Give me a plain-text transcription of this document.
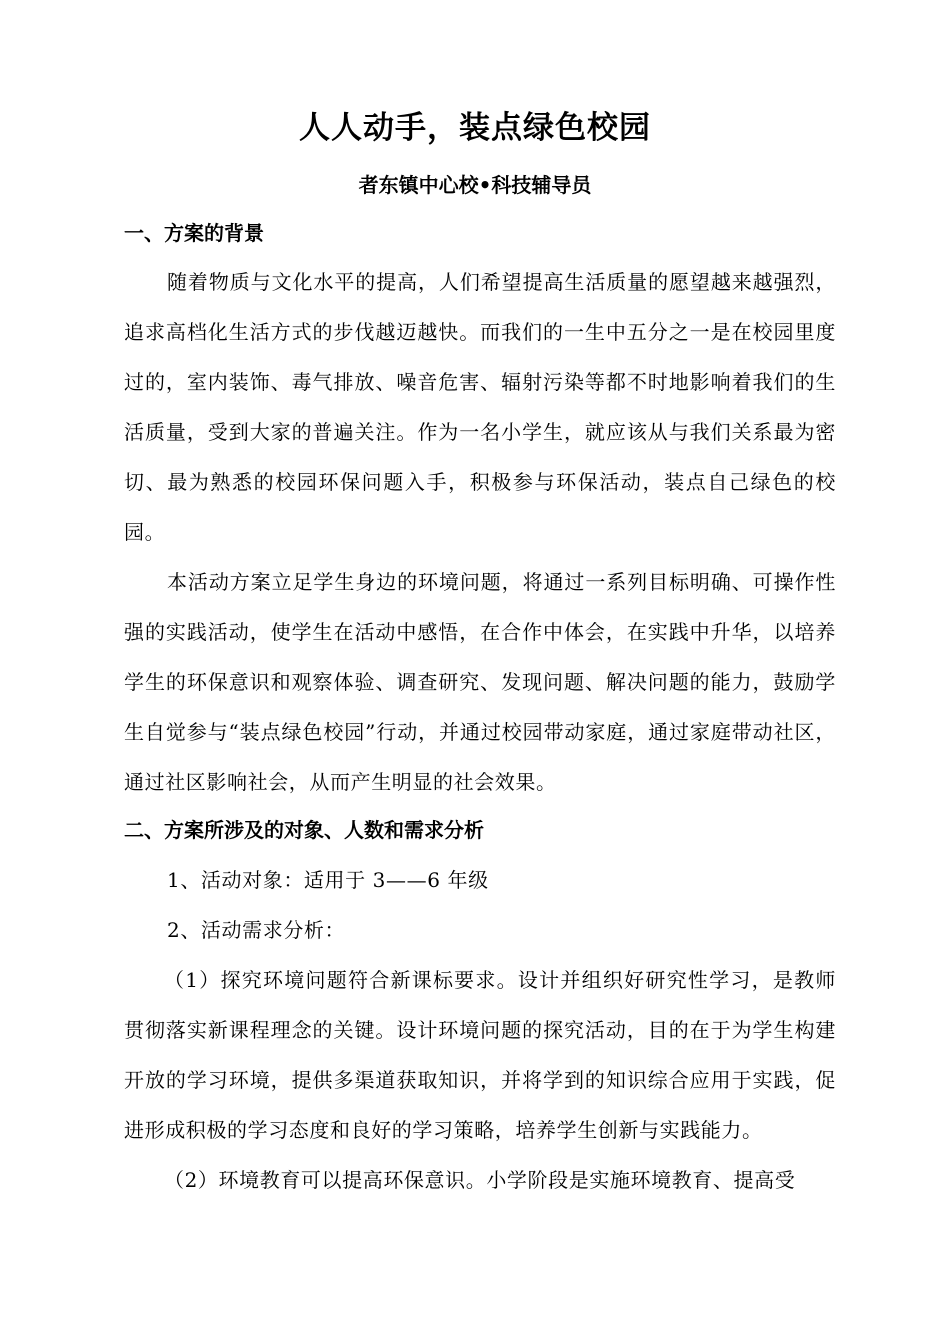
人人动手，装点绿色校园
者东镇中心校•科技辅导员
一、方案的背景
随着物质与文化水平的提高，人们希望提高生活质量的愿望越来越强烈，追求高档化生活方式的步伐越迈越快。而我们的一生中五分之一是在校园里度过的，室内装饰、毒气排放、噪音危害、辐射污染等都不时地影响着我们的生活质量，受到大家的普遍关注。作为一名小学生，就应该从与我们关系最为密切、最为熟悉的校园环保问题入手，积极参与环保活动，装点自己绿色的校园。
本活动方案立足学生身边的环境问题，将通过一系列目标明确、可操作性强的实践活动，使学生在活动中感悟，在合作中体会，在实践中升华，以培养学生的环保意识和观察体验、调查研究、发现问题、解决问题的能力，鼓励学生自觉参与“装点绿色校园”行动，并通过校园带动家庭，通过家庭带动社区，通过社区影响社会，从而产生明显的社会效果。
二、方案所涉及的对象、人数和需求分析
1、活动对象：适用于 3——6 年级
2、活动需求分析：
（1）探究环境问题符合新课标要求。设计并组织好研究性学习，是教师贯彻落实新课程理念的关键。设计环境问题的探究活动，目的在于为学生构建开放的学习环境，提供多渠道获取知识，并将学到的知识综合应用于实践，促进形成积极的学习态度和良好的学习策略，培养学生创新与实践能力。
（2）环境教育可以提高环保意识。小学阶段是实施环境教育、提高受
